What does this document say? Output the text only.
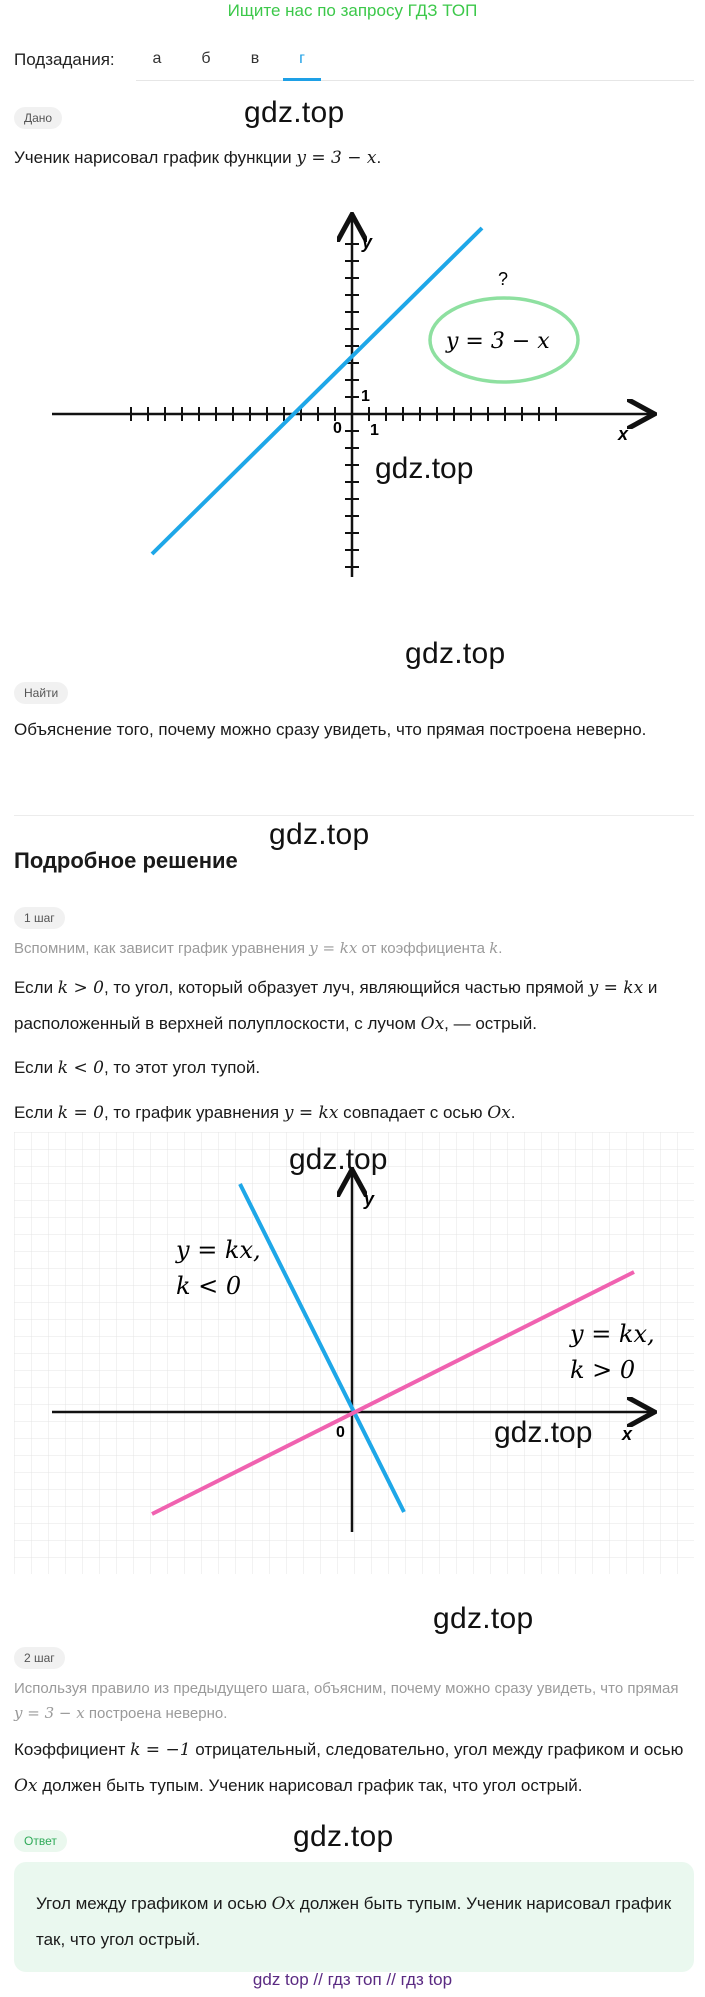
Ищите нас по запросу ГДЗ ТОП
Подзадания:	а	б	в	г
Дано	gdz.top
Ученик нарисовал график функции y = 3 − x.
y
x
0 1
1
?
y = 3 − x
gdz.top
gdz.top
Найти
Объяснение того, почему можно сразу увидеть, что прямая построена неверно.
gdz.top
Подробное решение
1 шаг
Вспомним, как зависит график уравнения y = kx от коэффициента k.
Если k > 0, то угол, который образует луч, являющийся частью прямой y = kx и расположенный в верхней полуплоскости, с лучом Ox, — острый.
Если k < 0, то этот угол тупой.
Если k = 0, то график уравнения y = kx совпадает с осью Ox.
y
x
0
y = kx,
k < 0
y = kx,
k > 0
gdz.top
gdz.top
gdz.top
2 шаг
Используя правило из предыдущего шага, объясним, почему можно сразу увидеть, что прямая y = 3 − x построена неверно.
Коэффициент k = −1 отрицательный, следовательно, угол между графиком и осью Ox должен быть тупым. Ученик нарисовал график так, что угол острый.
Ответ	gdz.top
Угол между графиком и осью Ox должен быть тупым. Ученик нарисовал график так, что угол острый.
gdz top // гдз топ // гдз top
